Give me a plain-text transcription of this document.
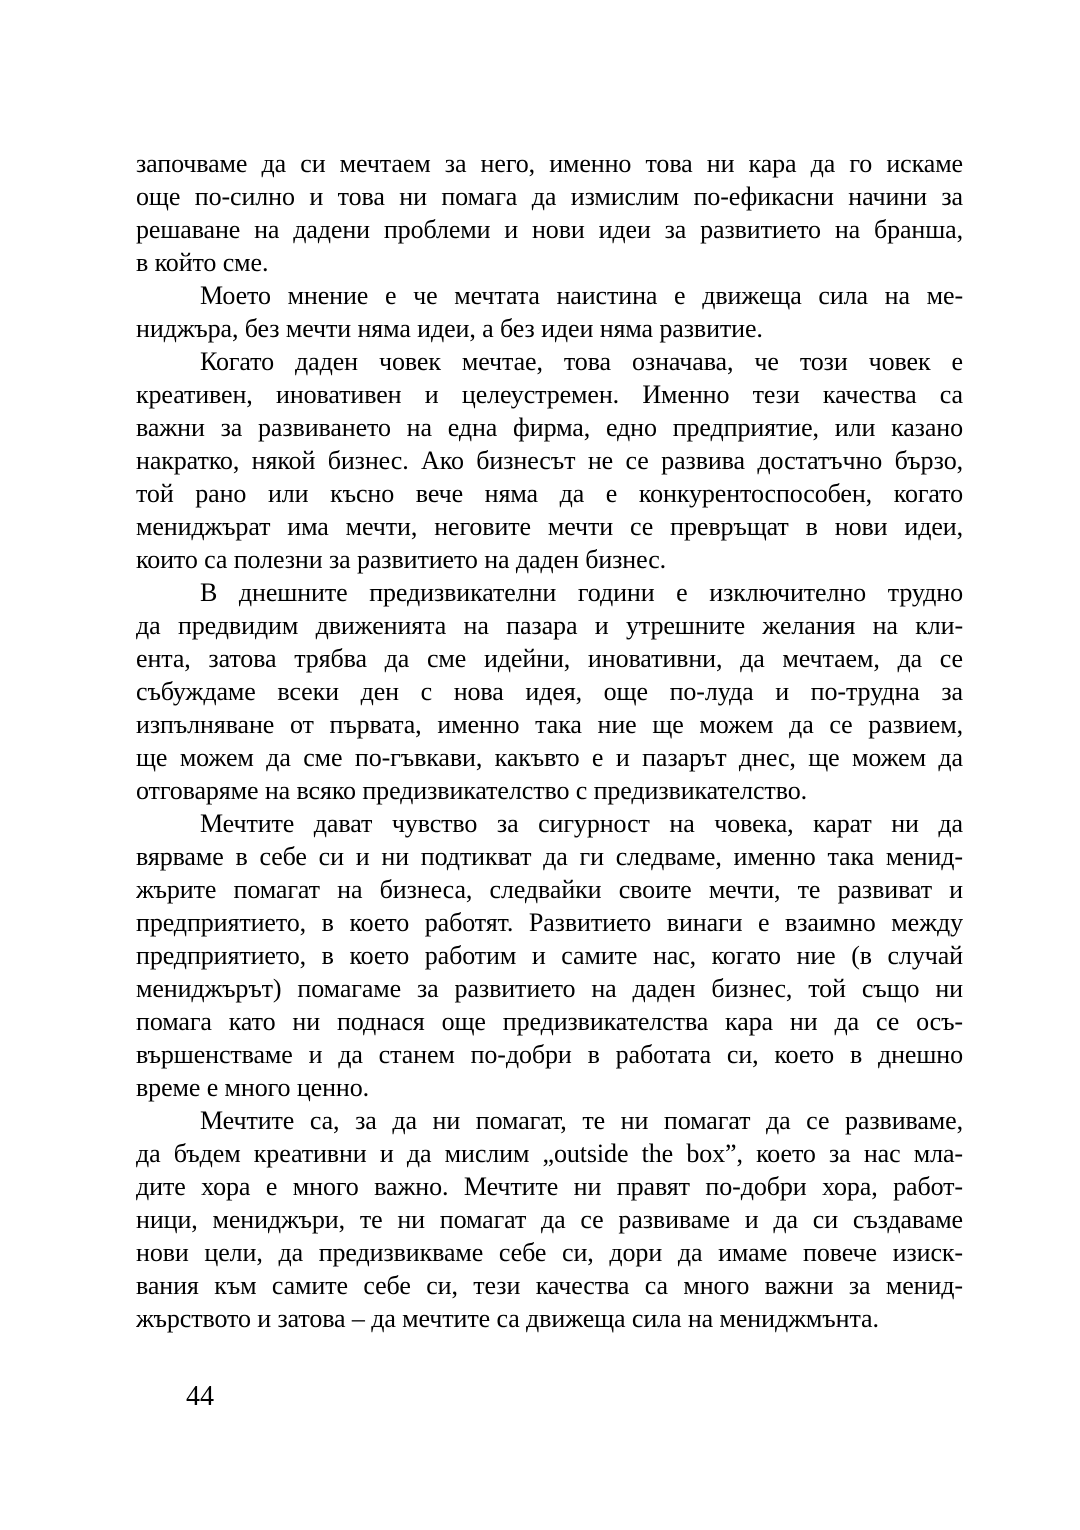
започваме да си мечтаем за него, именно това ни кара да го искаме
още по-силно и това ни помага да измислим по-ефикасни начини за
решаване на дадени проблеми и нови идеи за развитието на бранша,
в който сме.
Моето мнение е че мечтата наистина е движеща сила на ме-
ниджъра, без мечти няма идеи, а без идеи няма развитие.
Когато даден човек мечтае, това означава, че този човек е
креативен, иновативен и целеустремен. Именно тези качества са
важни за развиването на една фирма, едно предприятие, или казано
накратко, някой бизнес. Ако бизнесът не се развива достатъчно бързо,
той рано или късно вече няма да е конкурентоспособен, когато
мениджърат има мечти, неговите мечти се превръщат в нови идеи,
които са полезни за развитието на даден бизнес.
В днешните предизвикателни години е изключително трудно
да предвидим движенията на пазара и утрешните желания на кли-
ента, затова трябва да сме идейни, иновативни, да мечтаем, да се
събуждаме всеки ден с нова идея, още по-луда и по-трудна за
изпълняване от първата, именно така ние ще можем да се развием,
ще можем да сме по-гъвкави, какъвто е и пазарът днес, ще можем да
отговаряме на всяко предизвикателство с предизвикателство.
Мечтите дават чувство за сигурност на човека, карат ни да
вярваме в себе си и ни подтикват да ги следваме, именно така менид-
жърите помагат на бизнеса, следвайки своите мечти, те развиват и
предприятието, в което работят. Развитието винаги е взаимно между
предприятието, в което работим и самите нас, когато ние (в случай
мениджърът) помагаме за развитието на даден бизнес, той също ни
помага като ни поднася още предизвикателства кара ни да се осъ-
вършенстваме и да станем по-добри в работата си, което в днешно
време е много ценно.
Мечтите са, за да ни помагат, те ни помагат да се развиваме,
да бъдем креативни и да мислим „outside the box”, което за нас мла-
дите хора е много важно. Мечтите ни правят по-добри хора, работ-
ници, мениджъри, те ни помагат да се развиваме и да си създаваме
нови цели, да предизвикваме себе си, дори да имаме повече изиск-
вания към самите себе си, тези качества са много важни за менид-
жърството и затова – да мечтите са движеща сила на мениджмънта.
44
